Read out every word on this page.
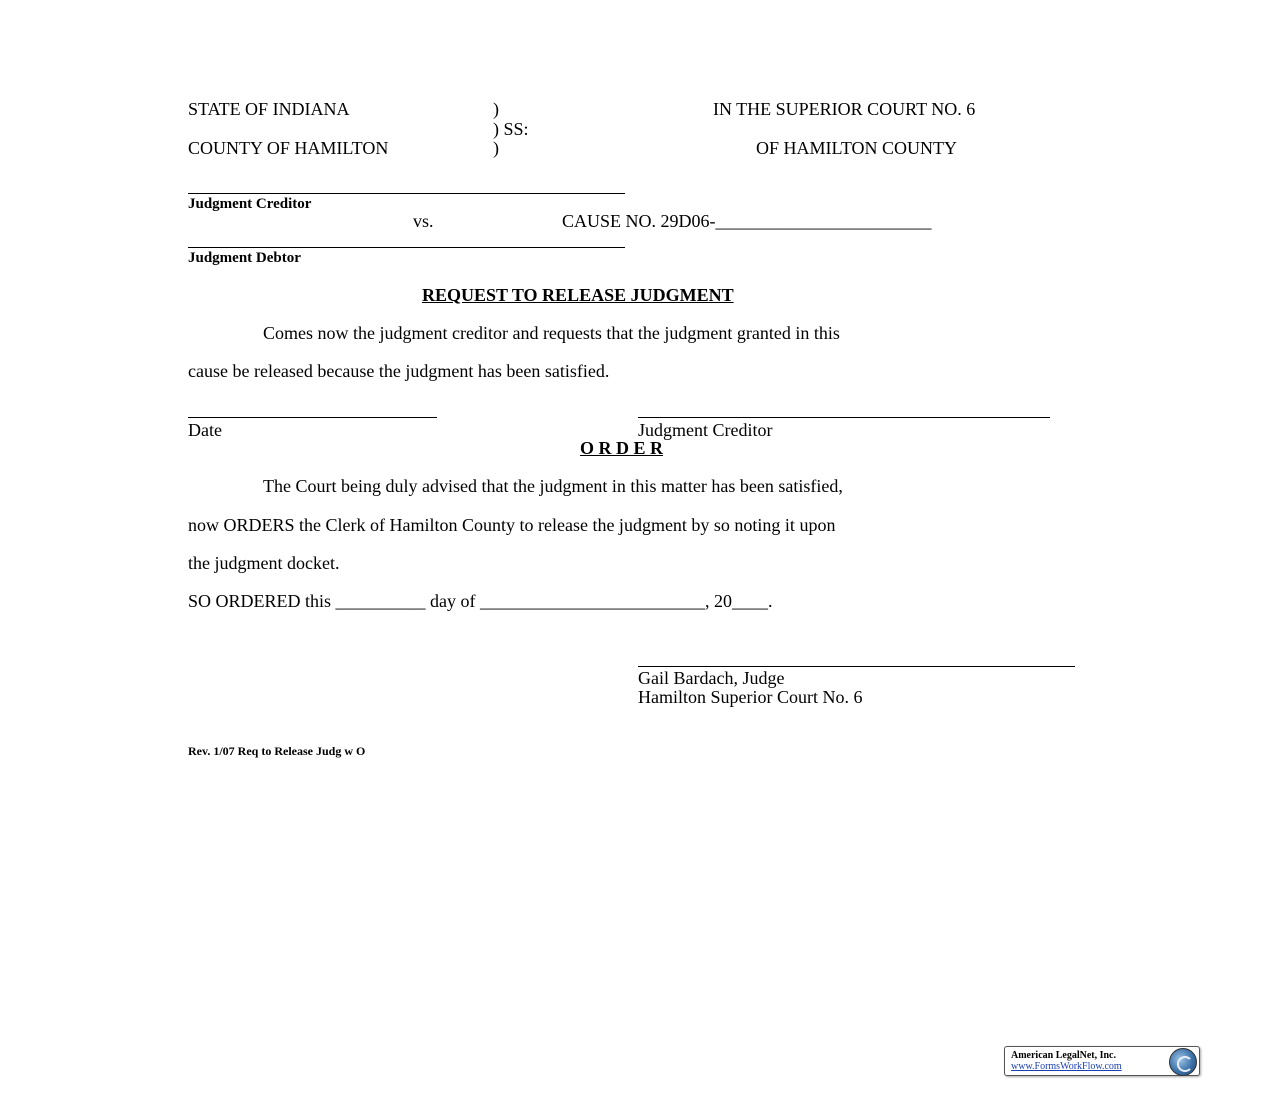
STATE OF INDIANA	)
) SS:
COUNTY OF HAMILTON	)
IN THE SUPERIOR COURT NO. 6
OF HAMILTON COUNTY
Judgment Creditor
vs.	CAUSE NO. 29D06-________________________
Judgment Debtor
REQUEST TO RELEASE JUDGMENT
Comes now the judgment creditor and requests that the judgment granted in this
cause be released because the judgment has been satisfied.
Date	Judgment Creditor
O R D E R
The Court being duly advised that the judgment in this matter has been satisfied,
now ORDERS the Clerk of Hamilton County to release the judgment by so noting it upon
the judgment docket.
SO ORDERED this __________ day of _________________________, 20____.
Gail Bardach, Judge
Hamilton Superior Court No. 6
Rev. 1/07 Req to Release Judg w O
American LegalNet, Inc.
www.FormsWorkFlow.com
